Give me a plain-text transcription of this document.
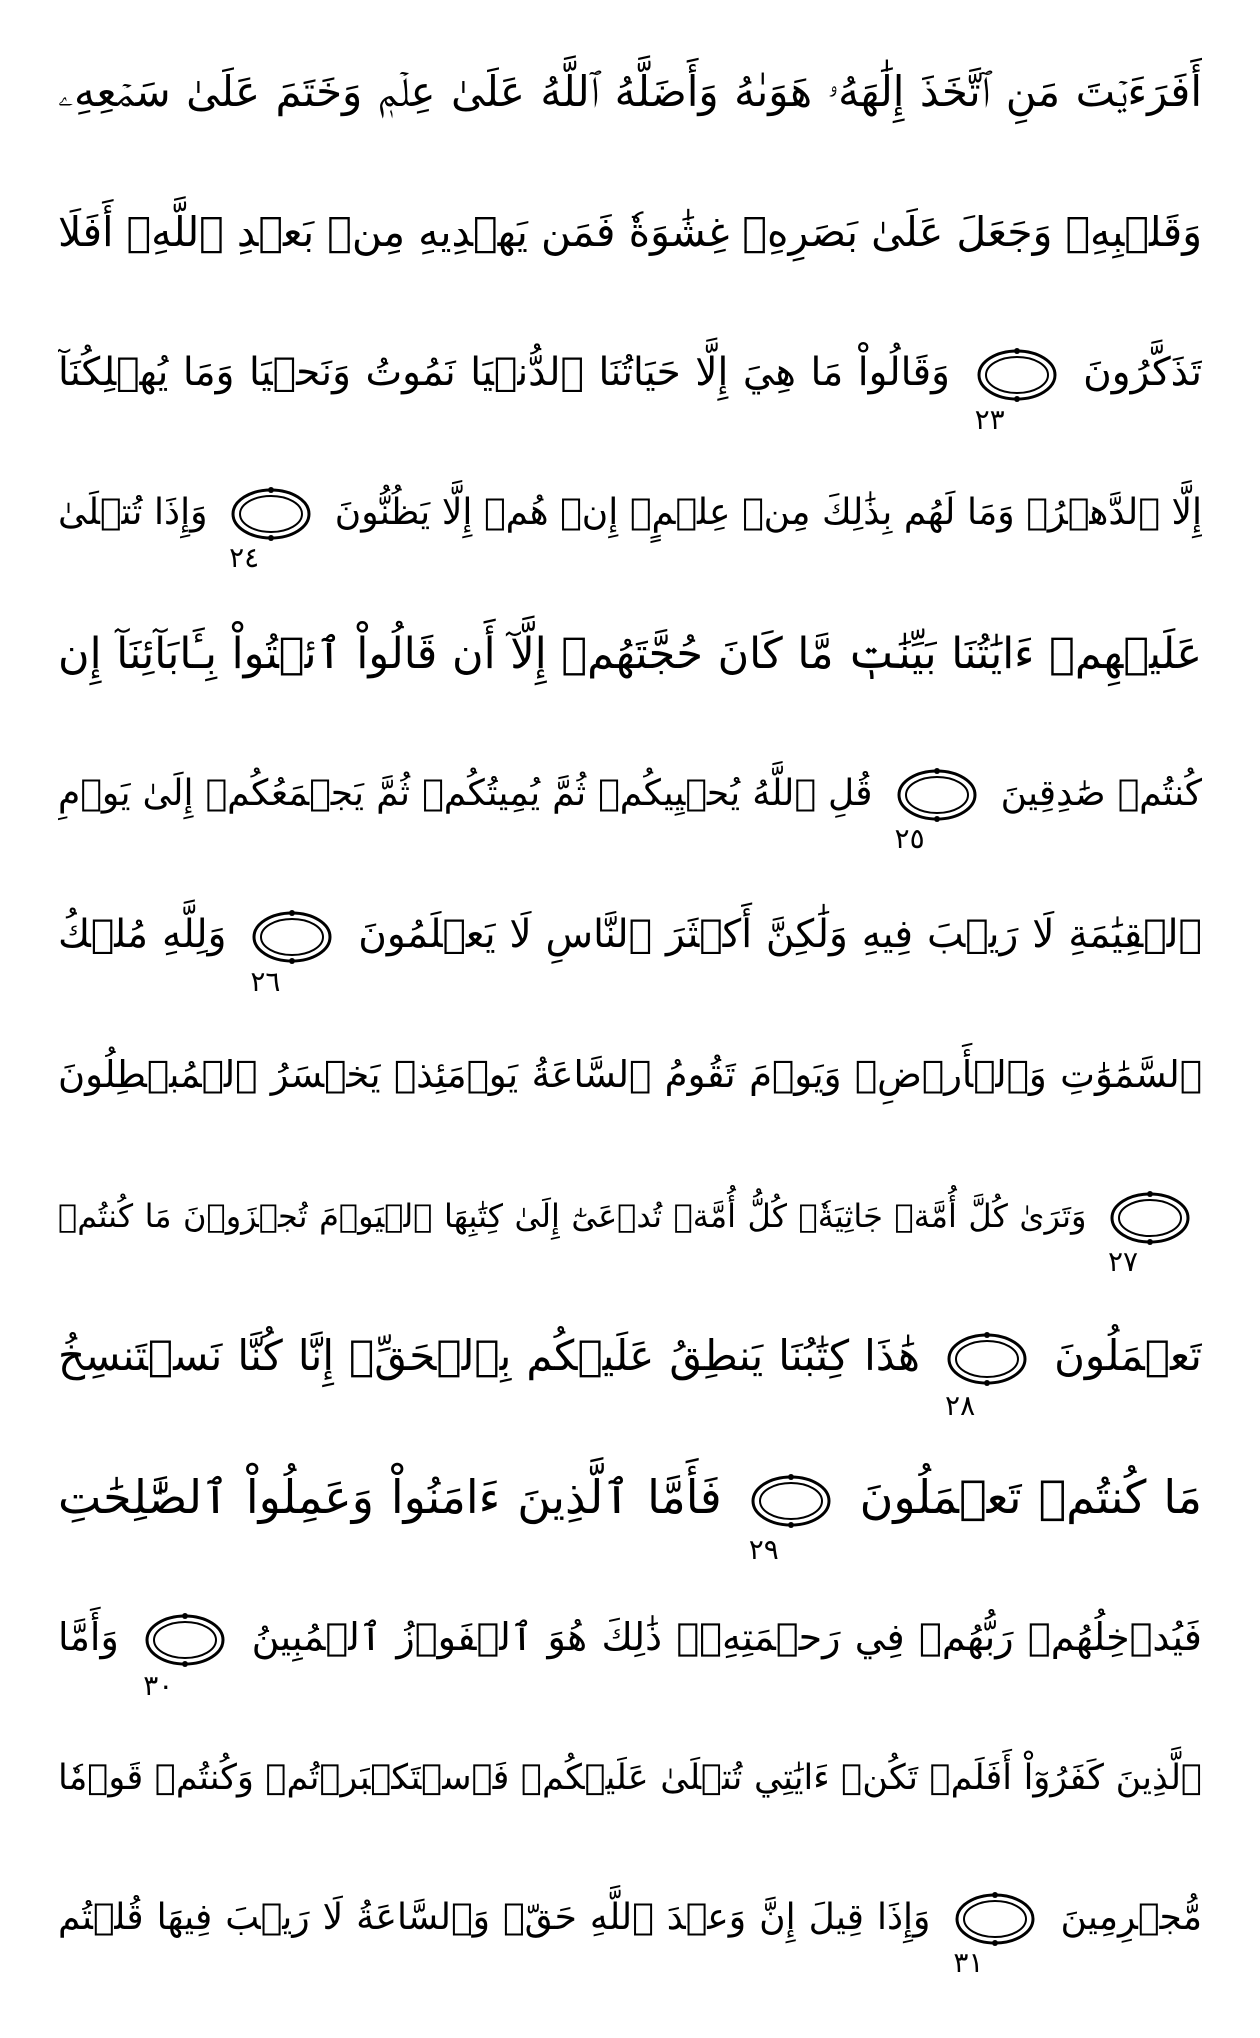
أَفَرَءَيۡتَ مَنِ ٱتَّخَذَ إِلَٰهَهُۥ هَوَىٰهُ وَأَضَلَّهُ ٱللَّهُ عَلَىٰ عِلۡمٖ وَخَتَمَ عَلَىٰ سَمۡعِهِۦ
وَقَلۡبِهِۦ وَجَعَلَ عَلَىٰ بَصَرِهِۦ غِشَٰوَةٗ فَمَن يَهۡدِيهِ مِنۢ بَعۡدِ ٱللَّهِۚ أَفَلَا
تَذَكَّرُونَ
٢٣ وَقَالُواْ مَا هِيَ إِلَّا حَيَاتُنَا ٱلدُّنۡيَا نَمُوتُ وَنَحۡيَا وَمَا يُهۡلِكُنَآ
إِلَّا ٱلدَّهۡرُۚ وَمَا لَهُم بِذَٰلِكَ مِنۡ عِلۡمٍۖ إِنۡ هُمۡ إِلَّا يَظُنُّونَ
٢٤ وَإِذَا تُتۡلَىٰ
عَلَيۡهِمۡ ءَايَٰتُنَا بَيِّنَٰتٖ مَّا كَانَ حُجَّتَهُمۡ إِلَّآ أَن قَالُواْ ٱئۡتُواْ بِـَٔابَآئِنَآ إِن
كُنتُمۡ صَٰدِقِينَ
٢٥ قُلِ ٱللَّهُ يُحۡيِيكُمۡ ثُمَّ يُمِيتُكُمۡ ثُمَّ يَجۡمَعُكُمۡ إِلَىٰ يَوۡمِ
ٱلۡقِيَٰمَةِ لَا رَيۡبَ فِيهِ وَلَٰكِنَّ أَكۡثَرَ ٱلنَّاسِ لَا يَعۡلَمُونَ
٢٦ وَلِلَّهِ مُلۡكُ
ٱلسَّمَٰوَٰتِ وَٱلۡأَرۡضِۚ وَيَوۡمَ تَقُومُ ٱلسَّاعَةُ يَوۡمَئِذٖ يَخۡسَرُ ٱلۡمُبۡطِلُونَ
٢٧ وَتَرَىٰ كُلَّ أُمَّةٖ جَاثِيَةٗۚ كُلُّ أُمَّةٖ تُدۡعَىٰٓ إِلَىٰ كِتَٰبِهَا ٱلۡيَوۡمَ تُجۡزَوۡنَ مَا كُنتُمۡ
تَعۡمَلُونَ
٢٨ هَٰذَا كِتَٰبُنَا يَنطِقُ عَلَيۡكُم بِٱلۡحَقِّۚ إِنَّا كُنَّا نَسۡتَنسِخُ
مَا كُنتُمۡ تَعۡمَلُونَ
٢٩ فَأَمَّا ٱلَّذِينَ ءَامَنُواْ وَعَمِلُواْ ٱلصَّٰلِحَٰتِ
فَيُدۡخِلُهُمۡ رَبُّهُمۡ فِي رَحۡمَتِهِۦۚ ذَٰلِكَ هُوَ ٱلۡفَوۡزُ ٱلۡمُبِينُ
٣٠ وَأَمَّا
ٱلَّذِينَ كَفَرُوٓاْ أَفَلَمۡ تَكُنۡ ءَايَٰتِي تُتۡلَىٰ عَلَيۡكُمۡ فَٱسۡتَكۡبَرۡتُمۡ وَكُنتُمۡ قَوۡمٗا
مُّجۡرِمِينَ
٣١ وَإِذَا قِيلَ إِنَّ وَعۡدَ ٱللَّهِ حَقّٞ وَٱلسَّاعَةُ لَا رَيۡبَ فِيهَا قُلۡتُم
